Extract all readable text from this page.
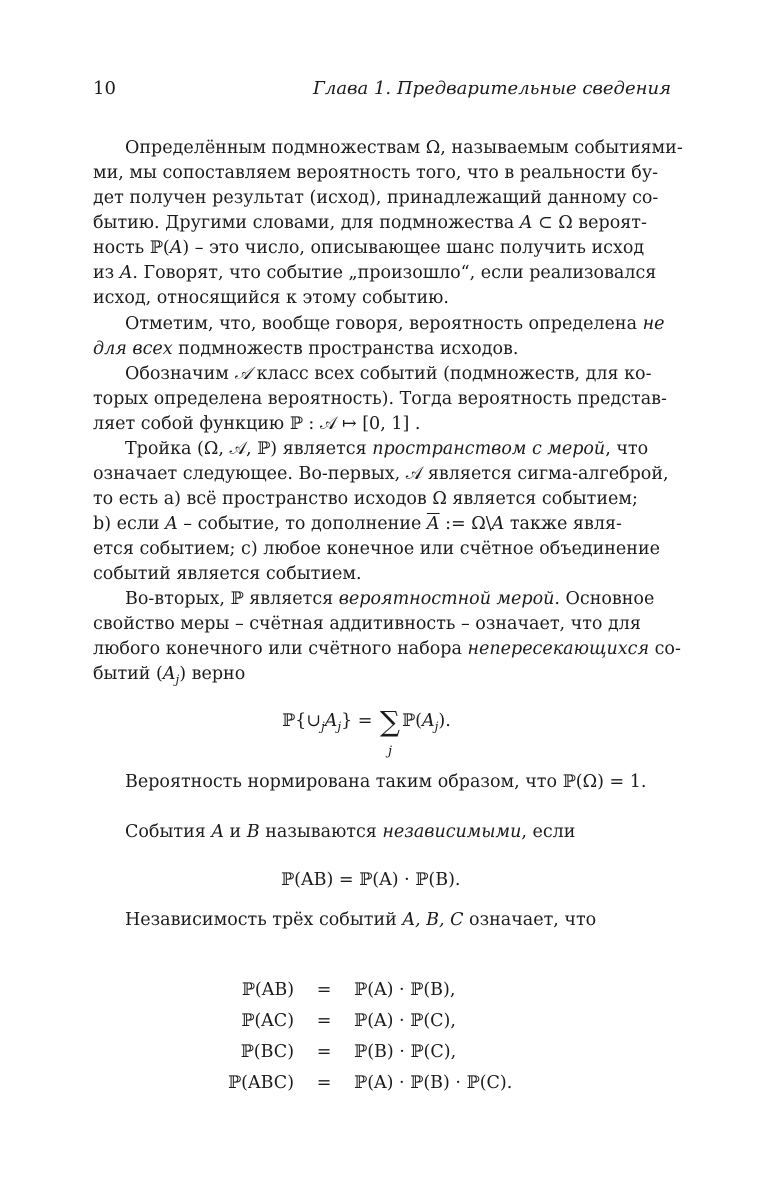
10	Глава 1. Предварительные сведения
Определённым подмножествам Ω, называемым событиями-
ми, мы сопоставляем вероятность того, что в реальности бу-
дет получен результат (исход), принадлежащий данному со-
бытию. Другими словами, для подмножества A ⊂ Ω вероят-
ность ℙ(A) – это число, описывающее шанс получить исход
из A. Говорят, что событие „произошло“, если реализовался
исход, относящийся к этому событию.
Отметим, что, вообще говоря, вероятность определена не
для всех подмножеств пространства исходов.
Обозначим 𝒜 класс всех событий (подмножеств, для ко-
торых определена вероятность). Тогда вероятность представ-
ляет собой функцию ℙ : 𝒜 ↦ [0, 1] .
Тройка (Ω, 𝒜, ℙ) является пространством с мерой, что
означает следующее. Во-первых, 𝒜 является сигма-алгеброй,
то есть a) всё пространство исходов Ω является событием;
b) если A – событие, то дополнение $\overline{A}$ := Ω\A также явля-
ется событием; c) любое конечное или счётное объединение
событий является событием.
Во-вторых, ℙ является вероятностной мерой. Основное
свойство меры – счётная аддитивность – означает, что для
любого конечного или счётного набора непересекающихся со-
бытий $(A_j)$ верно
$ℙ\{\cup_jA_j\}$ = ∑
j
$ℙ(A_j)$.
Вероятность нормирована таким образом, что ℙ(Ω) = 1.
События A и B называются независимыми, если
ℙ(AB) = ℙ(A) · ℙ(B).
Независимость трёх событий A, B, C означает, что
ℙ(AB)	=	ℙ(A) · ℙ(B),
ℙ(AC)	=	ℙ(A) · ℙ(C),
ℙ(BC)	=	ℙ(B) · ℙ(C),
ℙ(ABC)	=	ℙ(A) · ℙ(B) · ℙ(C).
